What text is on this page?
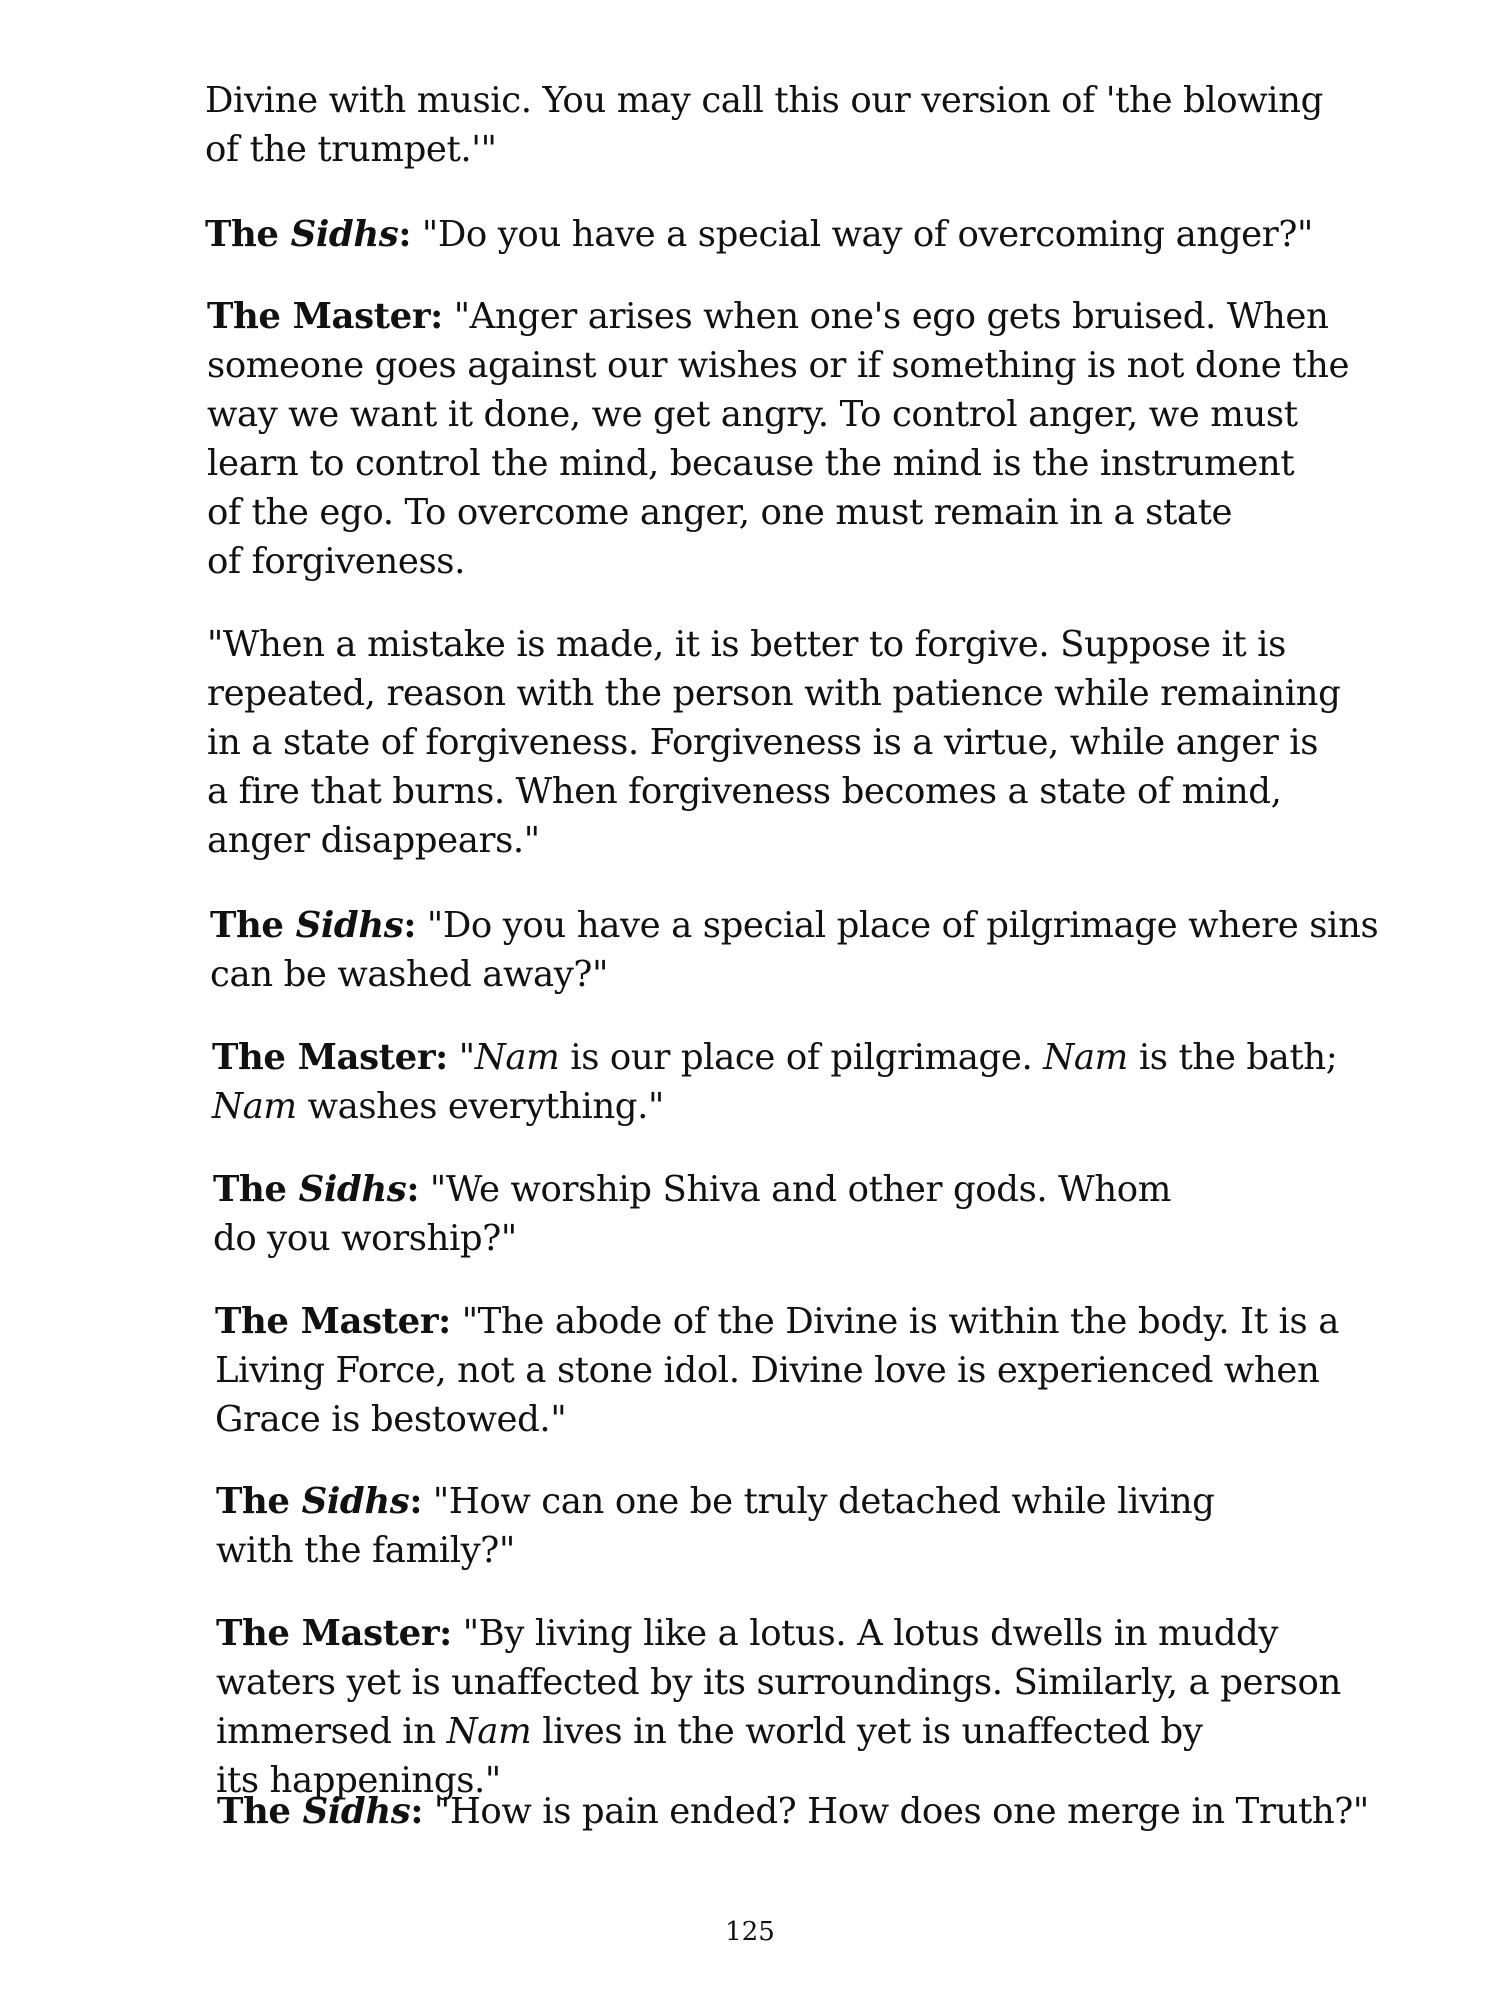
Divine with music. You may call this our version of 'the blowing
of the trumpet.'"

The Sidhs: "Do you have a special way of overcoming anger?"

The Master: "Anger arises when one's ego gets bruised. When
someone goes against our wishes or if something is not done the
way we want it done, we get angry. To control anger, we must
learn to control the mind, because the mind is the instrument
of the ego. To overcome anger, one must remain in a state
of forgiveness.

"When a mistake is made, it is better to forgive. Suppose it is
repeated, reason with the person with patience while remaining
in a state of forgiveness. Forgiveness is a virtue, while anger is
a fire that burns. When forgiveness becomes a state of mind,
anger disappears."

The Sidhs: "Do you have a special place of pilgrimage where sins
can be washed away?"

The Master: "Nam is our place of pilgrimage. Nam is the bath;
Nam washes everything."

The Sidhs: "We worship Shiva and other gods. Whom
do you worship?"

The Master: "The abode of the Divine is within the body. It is a
Living Force, not a stone idol. Divine love is experienced when
Grace is bestowed."

The Sidhs: "How can one be truly detached while living
with the family?"

The Master: "By living like a lotus. A lotus dwells in muddy
waters yet is unaffected by its surroundings. Similarly, a person
immersed in Nam lives in the world yet is unaffected by
its happenings."

The Sidhs: "How is pain ended? How does one merge in Truth?"

125
